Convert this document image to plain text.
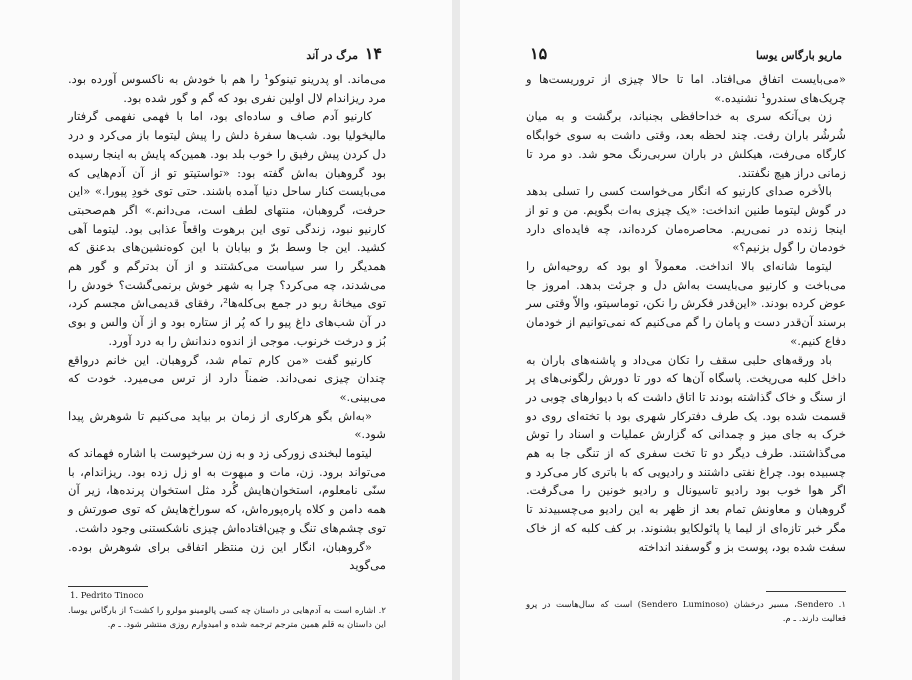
۱۴
مرگ در آند

می‌ماند. او پدرینو تینوکو¹ را هم با خودش به ناکسوس آورده بود. مرد ریزاندام لال اولین نفری بود که گم و گور شده بود.

کارنیو آدم صاف و ساده‌ای بود، اما با فهمی نفهمی گرفتار مالیخولیا بود. شب‌ها سفرهٔ دلش را پیش لیتوما باز می‌کرد و درد دل کردن پیش رفیق را خوب بلد بود. همین‌که پایش به اینجا رسیده بود گروهبان به‌اش گفته بود: «تواستیتو تو از آن آدم‌هایی که می‌بایست کنار ساحل دنیا آمده باشند. حتی توی خودِ پیورا.» «این حرفت، گروهبان، منتهای لطف است، می‌دانم.» اگر هم‌صحبتی کارنیو نبود، زندگی توی این برهوت واقعاً عذابی بود. لیتوما آهی کشید. این جا وسط برّ و بیابان با این کوه‌نشین‌های بدعنق که همدیگر را سر سیاست می‌کشتند و از آن بدترگم و گور هم می‌شدند، چه می‌کرد؟ چرا به شهر خوش برنمی‌گشت؟ خودش را توی میخانهٔ ربو در جمع بی‌کله‌ها²، رفقای قدیمی‌اش مجسم کرد، در آن شب‌های داغ پیو را که پُر از ستاره بود و از آن والس و بوی بُز و درخت خرنوب. موجی از اندوه دندانش را به درد آورد.

کارنیو گفت «من کارم تمام شد، گروهبان. این خانم درواقع چندان چیزی نمی‌داند. ضمناً دارد از ترس می‌میرد. خودت که می‌بینی.»

«به‌اش بگو هرکاری از زمان بر بیاید می‌کنیم تا شوهرش پیدا شود.»

لیتوما لبخندی زورکی زد و به زن سرخپوست با اشاره فهماند که می‌تواند برود. زن، مات و مبهوت به او زل زده بود. ریزاندام، با سنّی نامعلوم، استخوان‌هایش گُرد مثل استخوان پرنده‌ها، زیر آن همه دامن و کلاه پاره‌پوره‌اش، که سوراخ‌هایش که توی صورتش و توی چشم‌های تنگ و چین‌افتاده‌اش چیزی ناشکستنی وجود داشت.

«گروهبان، انگار این زن منتظر اتفاقی برای شوهرش بوده. می‌گوید

1. Pedrito Tinoco
۲. اشاره است به آدم‌هایی در داستان چه کسی پالومینو مولرو را کشت؟ از بارگاس یوسا. این داستان به قلم همین مترجم ترجمه شده و امیدوارم روزی منتشر شود. ـ م.
۱۵	ماریو بارگاس یوسا

«می‌بایست اتفاق می‌افتاد. اما تا حالا چیزی از تروریست‌ها و چریک‌های سندرو¹ نشنیده.»

زن بی‌آنکه سری به خداحافظی بجنباند، برگشت و به میان شُرشُر باران رفت. چند لحظه بعد، وقتی داشت به سوی خوابگاه کارگاه می‌رفت، هیکلش در باران سربی‌رنگ محو شد. دو مرد تا زمانی دراز هیچ نگفتند.

بالأخره صدای کارنیو که انگار می‌خواست کسی را تسلی بدهد در گوش لیتوما طنین انداخت: «یک چیزی به‌ات بگویم. من و تو از اینجا زنده در نمی‌ریم. محاصره‌مان کرده‌اند، چه فایده‌ای دارد خودمان را گول بزنیم؟»

لیتوما شانه‌ای بالا انداخت. معمولاً او بود که روحیه‌اش را می‌باخت و کارنیو می‌بایست به‌اش دل و جرئت بدهد. امروز جا عوض کرده بودند. «این‌قدر فکرش را نکن، توماسیتو، والاّ وقتی سر برسند آن‌قدر دست و پامان را گم می‌کنیم که نمی‌توانیم از خودمان دفاع کنیم.»

باد ورقه‌های حلبی سقف را تکان می‌داد و پاشنه‌های باران به داخل کلبه می‌ریخت. پاسگاه آن‌ها که دور تا دورش رلگونی‌های پر از سنگ و خاک گذاشته بودند تا اتاق داشت که با دیوارهای چوبی در قسمت شده بود. یک طرف دفترکار شهری بود با تخته‌ای روی دو خرک به جای میز و چمدانی که گزارش عملیات و اسناد را توش می‌گذاشتند. طرف دیگر دو تا تخت سفری که از تنگی جا به هم چسبیده بود. چراغ نفتی داشتند و رادیویی که با باتری کار می‌کرد و اگر هوا خوب بود رادیو تاسیونال و رادیو خونین را می‌گرفت. گروهبان و معاونش تمام بعد از ظهر به این رادیو می‌چسبیدند تا مگر خبر تازه‌ای از لیما یا پائولکایو بشنوند. بر کف کلبه که از خاک سفت شده بود، پوست بز و گوسفند انداخته

۱. Sendero، مسیر درخشان (Sendero Luminoso) است که سال‌هاست در پرو فعالیت دارند. ـ م.
